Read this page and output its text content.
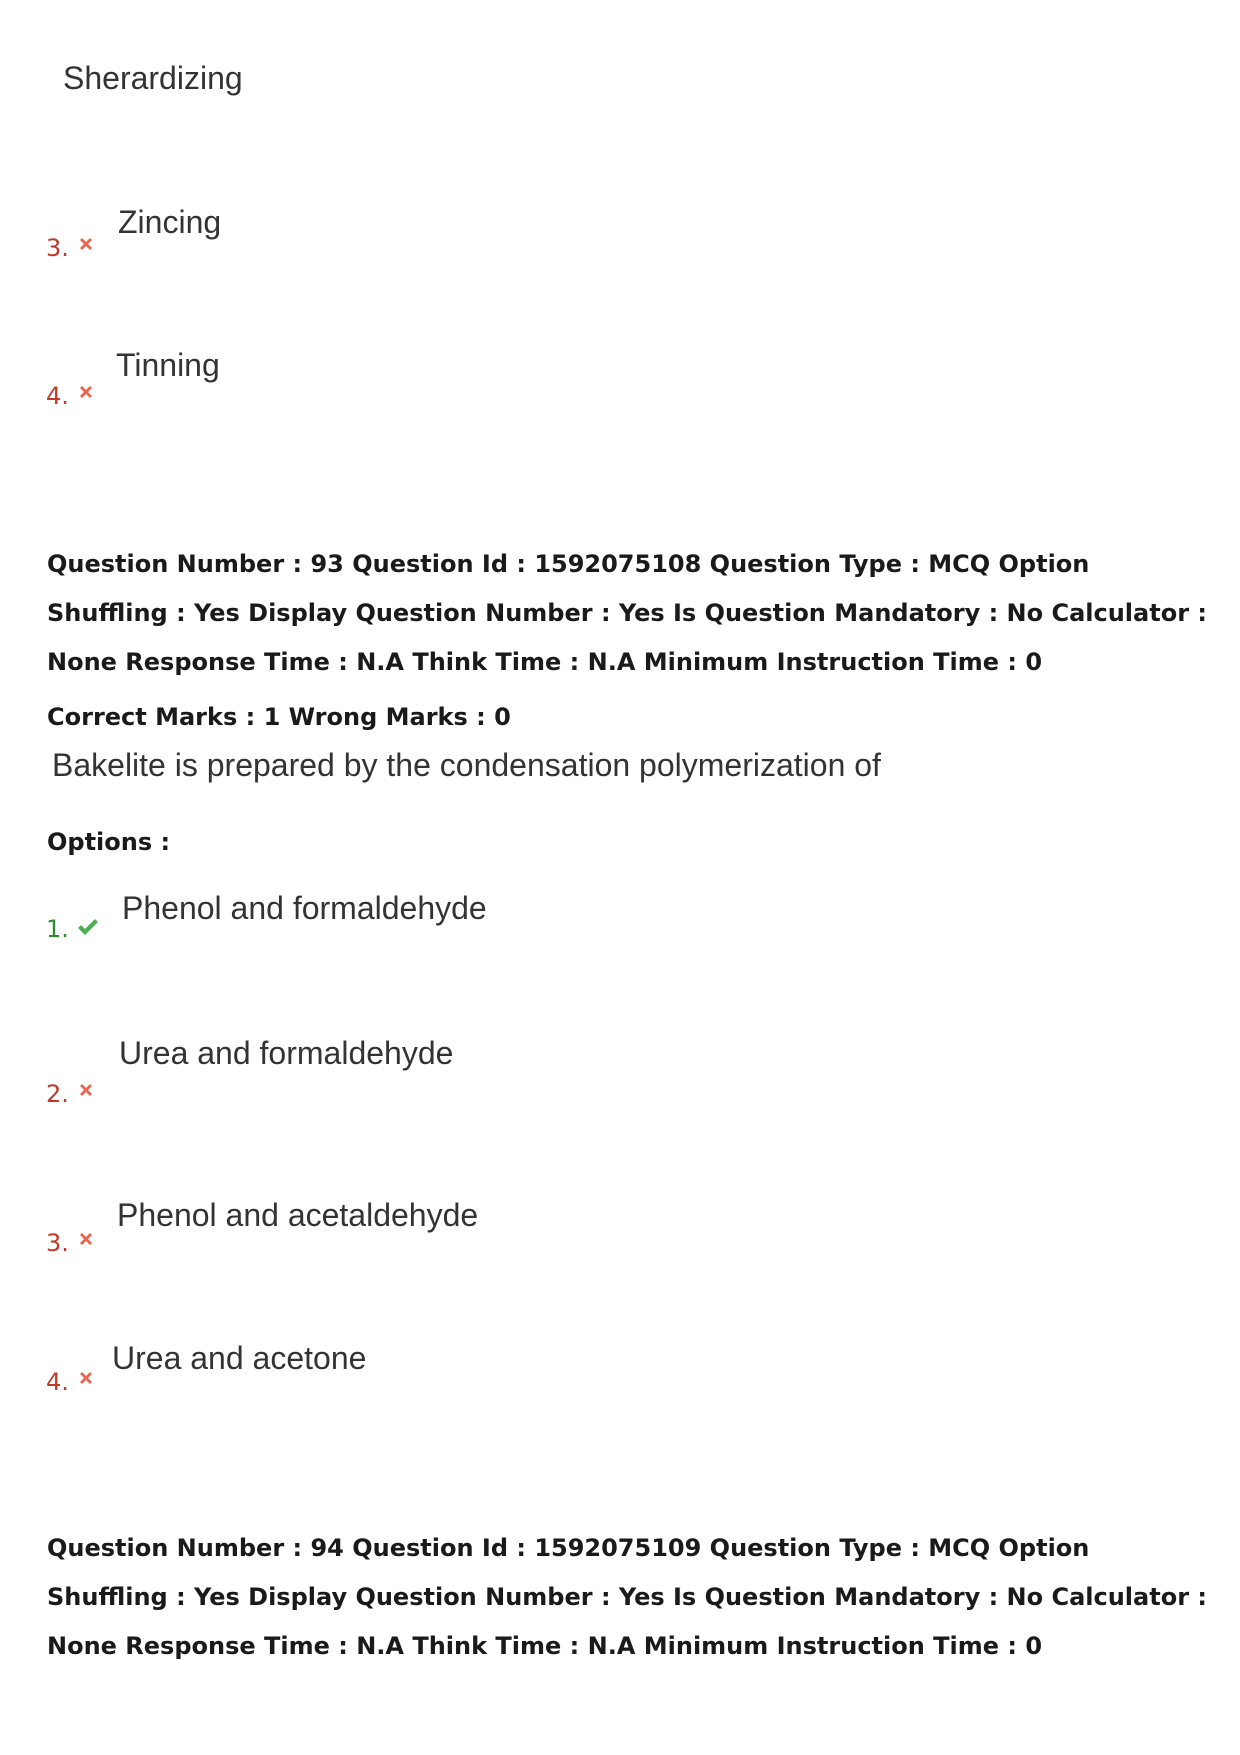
Sherardizing
3.
Zincing
4.
Tinning
Question Number : 93 Question Id : 1592075108 Question Type : MCQ Option Shuffling : Yes Display Question Number : Yes Is Question Mandatory : No Calculator : None Response Time : N.A Think Time : N.A Minimum Instruction Time : 0
Correct Marks : 1 Wrong Marks : 0
Bakelite is prepared by the condensation polymerization of
Options :
1.
Phenol and formaldehyde
2.
Urea and formaldehyde
3.
Phenol and acetaldehyde
4.
Urea and acetone
Question Number : 94 Question Id : 1592075109 Question Type : MCQ Option Shuffling : Yes Display Question Number : Yes Is Question Mandatory : No Calculator : None Response Time : N.A Think Time : N.A Minimum Instruction Time : 0
